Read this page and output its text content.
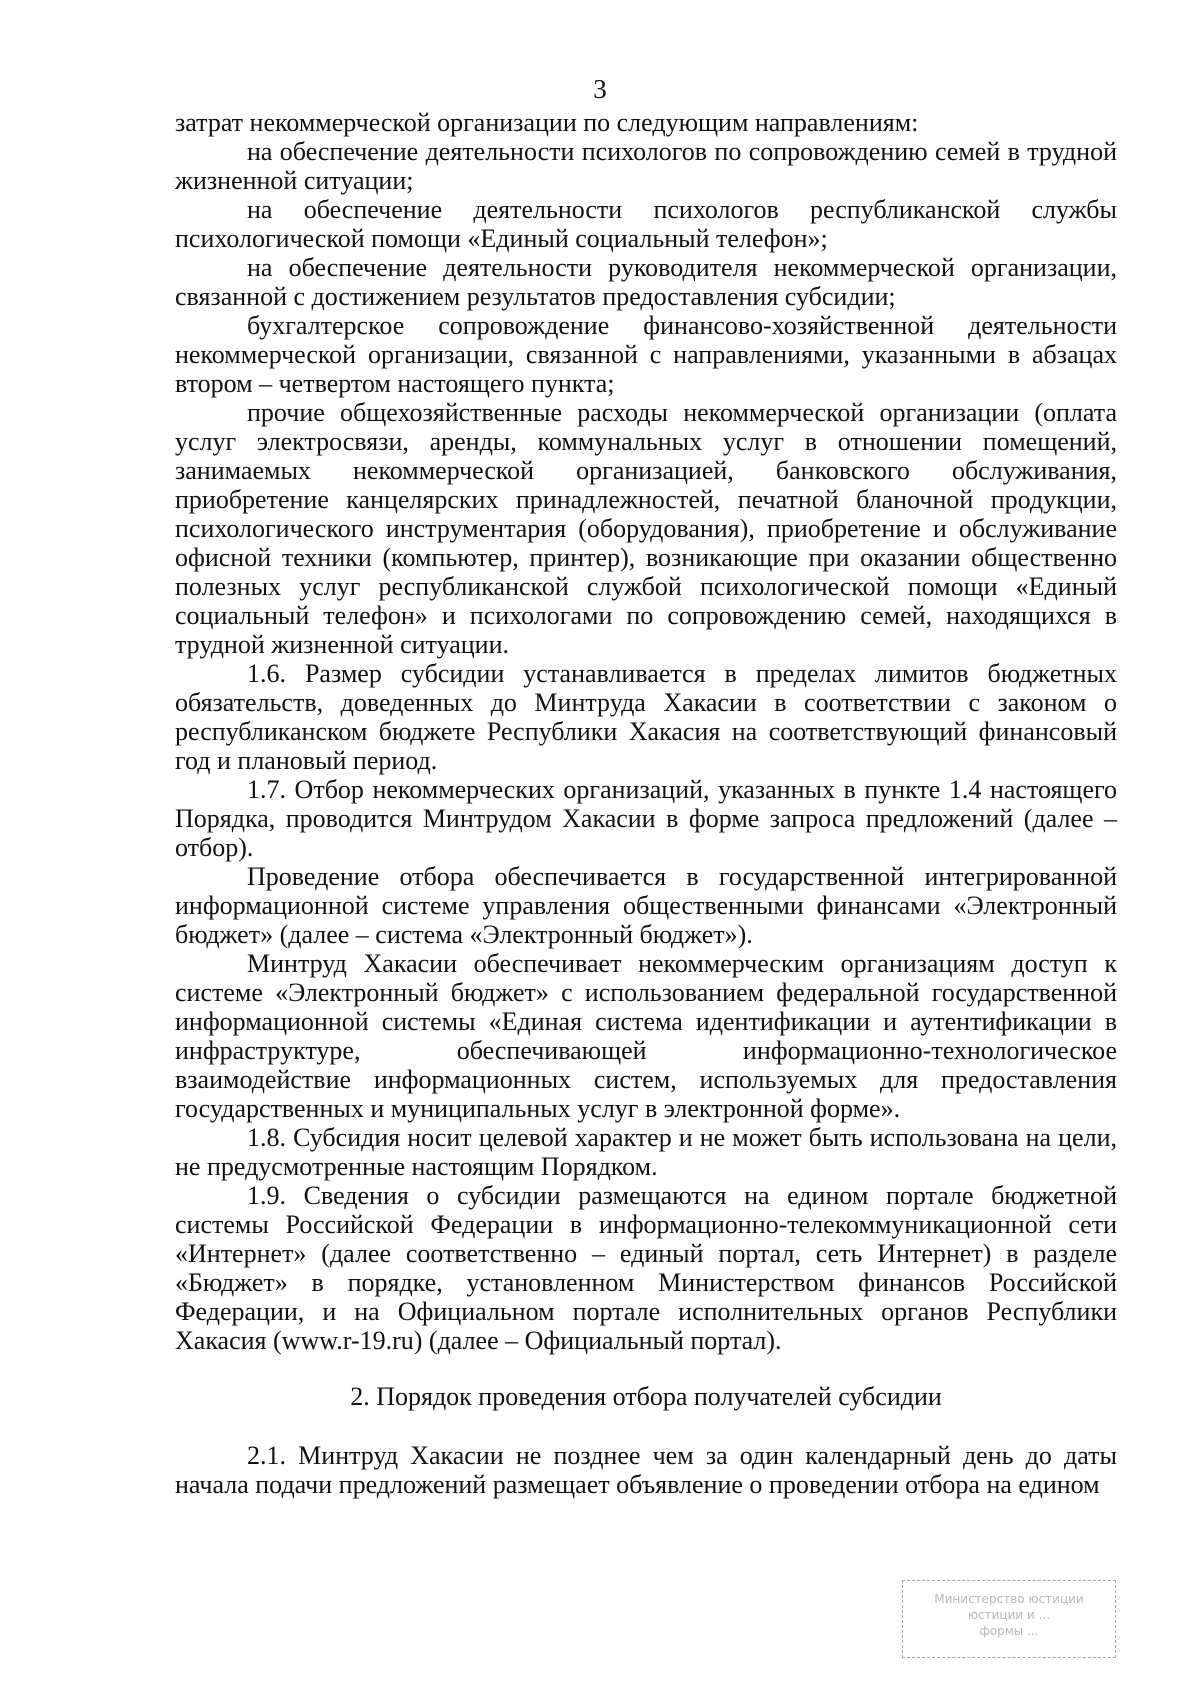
3

затрат некоммерческой организации по следующим направлениям:

на обеспечение деятельности психологов по сопровождению семей в трудной жизненной ситуации;

на обеспечение деятельности психологов республиканской службы психологической помощи «Единый социальный телефон»;

на обеспечение деятельности руководителя некоммерческой организации, связанной с достижением результатов предоставления субсидии;

бухгалтерское сопровождение финансово-хозяйственной деятельности некоммерческой организации, связанной с направлениями, указанными в абзацах втором – четвертом настоящего пункта;

прочие общехозяйственные расходы некоммерческой организации (оплата услуг электросвязи, аренды, коммунальных услуг в отношении помещений, занимаемых некоммерческой организацией, банковского обслуживания, приобретение канцелярских принадлежностей, печатной бланочной продукции, психологического инструментария (оборудования), приобретение и обслуживание офисной техники (компьютер, принтер), возникающие при оказании общественно полезных услуг республиканской службой психологической помощи «Единый социальный телефон» и психологами по сопровождению семей, находящихся в трудной жизненной ситуации.

1.6. Размер субсидии устанавливается в пределах лимитов бюджетных обязательств, доведенных до Минтруда Хакасии в соответствии с законом о республиканском бюджете Республики Хакасия на соответствующий финансовый год и плановый период.

1.7. Отбор некоммерческих организаций, указанных в пункте 1.4 настоящего Порядка, проводится Минтрудом Хакасии в форме запроса предложений (далее – отбор).

Проведение отбора обеспечивается в государственной интегрированной информационной системе управления общественными финансами «Электронный бюджет» (далее – система «Электронный бюджет»).

Минтруд Хакасии обеспечивает некоммерческим организациям доступ к системе «Электронный бюджет» с использованием федеральной государственной информационной системы «Единая система идентификации и аутентификации в инфраструктуре, обеспечивающей информационно-технологическое взаимодействие информационных систем, используемых для предоставления государственных и муниципальных услуг в электронной форме».

1.8. Субсидия носит целевой характер и не может быть использована на цели, не предусмотренные настоящим Порядком.

1.9. Сведения о субсидии размещаются на едином портале бюджетной системы Российской Федерации в информационно-телекоммуникационной сети «Интернет» (далее соответственно – единый портал, сеть Интернет) в разделе «Бюджет» в порядке, установленном Министерством финансов Российской Федерации, и на Официальном портале исполнительных органов Республики Хакасия (www.r-19.ru) (далее – Официальный портал).

2. Порядок проведения отбора получателей субсидии

2.1. Минтруд Хакасии не позднее чем за один календарный день до даты начала подачи предложений размещает объявление о проведении отбора на едином

Министерство юстиции
юстиции и ...
формы ...
